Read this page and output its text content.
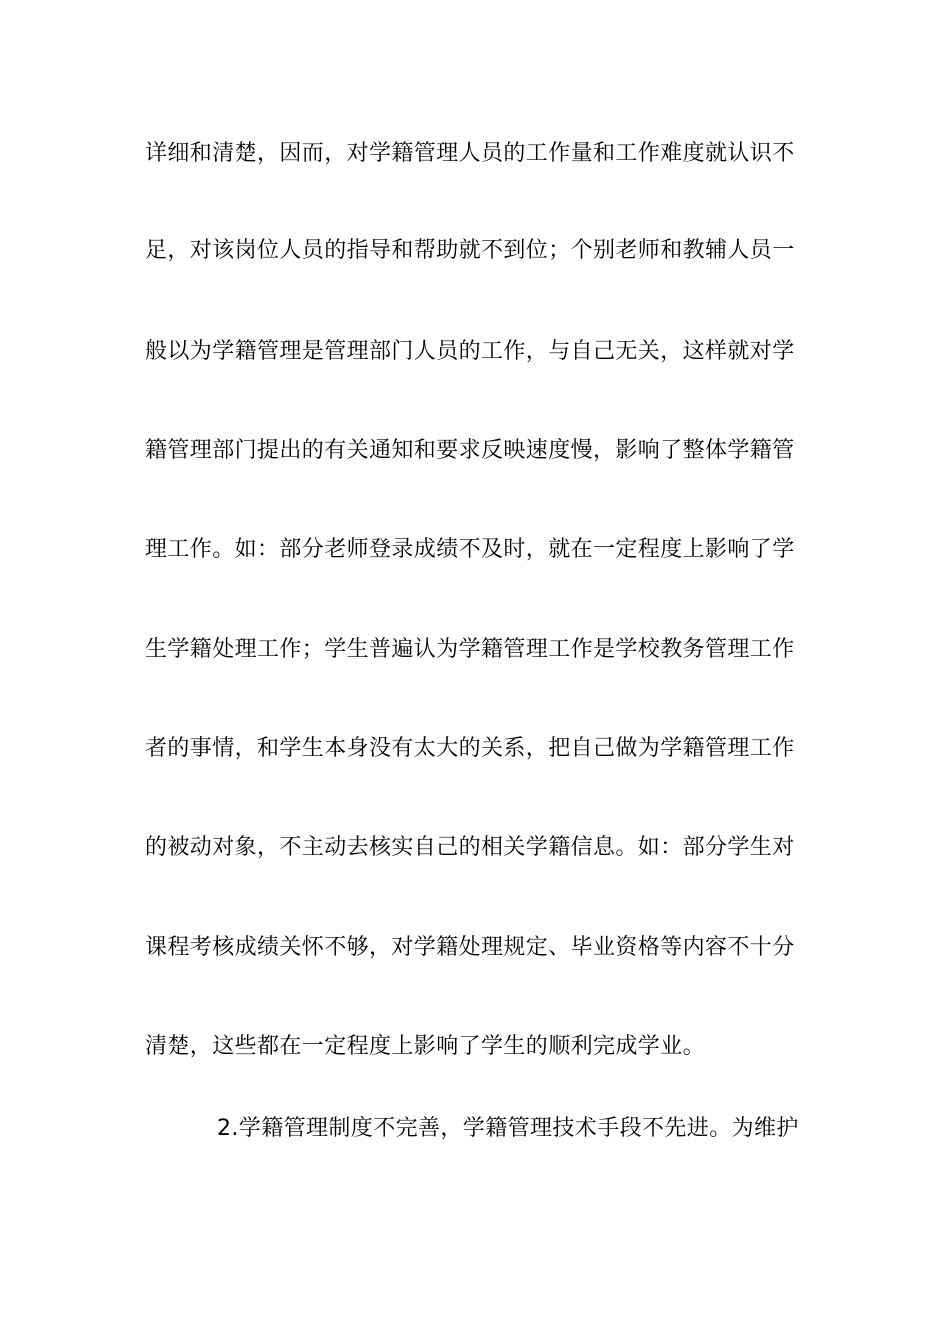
详细和清楚，因而，对学籍管理人员的工作量和工作难度就认识不
足，对该岗位人员的指导和帮助就不到位；个别老师和教辅人员一
般以为学籍管理是管理部门人员的工作，与自己无关，这样就对学
籍管理部门提出的有关通知和要求反映速度慢，影响了整体学籍管
理工作。如：部分老师登录成绩不及时，就在一定程度上影响了学
生学籍处理工作；学生普遍认为学籍管理工作是学校教务管理工作
者的事情，和学生本身没有太大的关系，把自己做为学籍管理工作
的被动对象，不主动去核实自己的相关学籍信息。如：部分学生对
课程考核成绩关怀不够，对学籍处理规定、毕业资格等内容不十分
清楚，这些都在一定程度上影响了学生的顺利完成学业。
2.学籍管理制度不完善，学籍管理技术手段不先进。为维护
